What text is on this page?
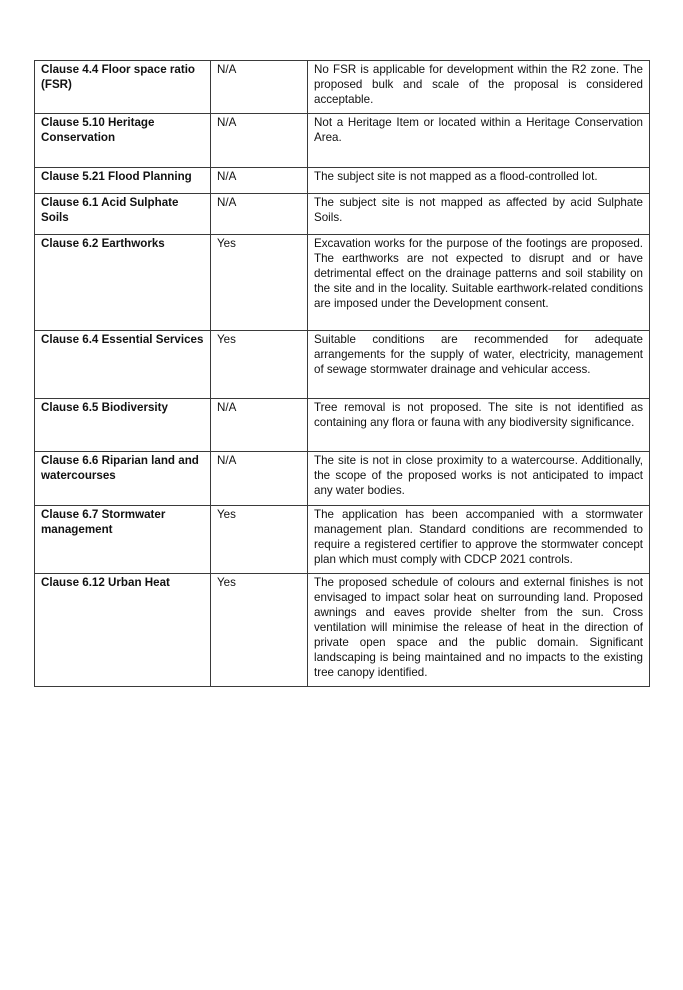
Clause 4.4 Floor space ratio (FSR)	N/A	No FSR is applicable for development within the R2 zone. The proposed bulk and scale of the proposal is considered acceptable.
Clause 5.10 Heritage Conservation	N/A	Not a Heritage Item or located within a Heritage Conservation Area.
Clause 5.21 Flood Planning	N/A	The subject site is not mapped as a flood-controlled lot.
Clause 6.1 Acid Sulphate Soils	N/A	The subject site is not mapped as affected by acid Sulphate Soils.
Clause 6.2 Earthworks	Yes	Excavation works for the purpose of the footings are proposed. The earthworks are not expected to disrupt and or have detrimental effect on the drainage patterns and soil stability on the site and in the locality. Suitable earthwork-related conditions are imposed under the Development consent.
Clause 6.4 Essential Services	Yes	Suitable conditions are recommended for adequate arrangements for the supply of water, electricity, management of sewage stormwater drainage and vehicular access.
Clause 6.5 Biodiversity	N/A	Tree removal is not proposed. The site is not identified as containing any flora or fauna with any biodiversity significance.
Clause 6.6 Riparian land and watercourses	N/A	The site is not in close proximity to a watercourse. Additionally, the scope of the proposed works is not anticipated to impact any water bodies.
Clause 6.7 Stormwater management	Yes	The application has been accompanied with a stormwater management plan. Standard conditions are recommended to require a registered certifier to approve the stormwater concept plan which must comply with CDCP 2021 controls.
Clause 6.12 Urban Heat	Yes	The proposed schedule of colours and external finishes is not envisaged to impact solar heat on surrounding land. Proposed awnings and eaves provide shelter from the sun. Cross ventilation will minimise the release of heat in the direction of private open space and the public domain. Significant landscaping is being maintained and no impacts to the existing tree canopy identified.
